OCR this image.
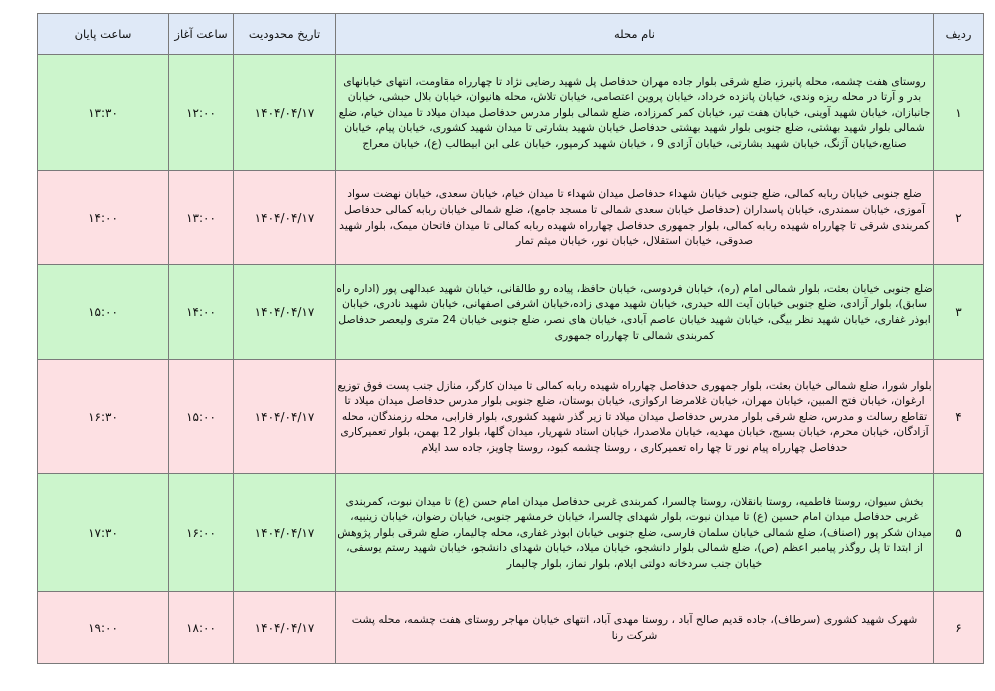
ردیف	نام محله	تاریخ محدودیت	ساعت آغاز	ساعت پایان
۱	روستای هفت چشمه، محله پانیرز، ضلع شرقی بلوار جاده مهران حدفاصل پل شهید رضایی نژاد تا چهارراه مقاومت، انتهای خیابانهای بدر و آرتا در محله ریزه وندی، خیابان پانزده خرداد، خیابان پروین اعتصامی، خیابان تلاش، محله هانیوان، خیابان بلال حبشی، خیابان جانبازان، خیابان شهید آوینی، خیابان هفت تیر، خیابان کمر کمرزاده، ضلع شمالی بلوار مدرس حدفاصل میدان میلاد تا میدان خیام، ضلع شمالی بلوار شهید بهشتی، ضلع جنوبی بلوار شهید بهشتی حدفاصل خیابان شهید بشارتی تا میدان شهید کشوری، خیابان پیام، خیابان صنایع،خیابان آژنگ، خیابان شهید بشارتی، خیابان آزادی 9 ، خیابان شهید کرمپور، خیابان علی ابن ابیطالب (ع)، خیابان معراج	۱۴۰۴/۰۴/۱۷	۱۲:۰۰	۱۳:۳۰
۲	ضلع جنوبی خیابان ربابه کمالی، ضلع جنوبی خیابان شهداء حدفاصل میدان شهداء تا میدان خیام، خیابان سعدی، خیابان نهضت سواد آموزی، خیابان سمندری، خیابان پاسداران (حدفاصل خیابان سعدی شمالی تا مسجد جامع)، ضلع شمالی خیابان ربابه کمالی حدفاصل کمربندی شرقی تا چهارراه شهیده ربابه کمالی، بلوار جمهوری حدفاصل چهارراه شهیده ربابه کمالی تا میدان فاتحان میمک، بلوار شهید صدوقی، خیابان استقلال، خیابان نور، خیابان میثم تمار	۱۴۰۴/۰۴/۱۷	۱۳:۰۰	۱۴:۰۰
۳	ضلع جنوبی خیابان بعثت، بلوار شمالی امام (ره)، خیابان فردوسی، خیابان حافظ، پیاده رو طالقانی، خیابان شهید عبدالهی پور (اداره راه سابق)، بلوار آزادی، ضلع جنوبی خیابان آیت الله حیدری، خیابان شهید مهدی زاده،خیابان اشرفی اصفهانی، خیابان شهید نادری، خیابان ابوذر غفاری، خیابان شهید نظر بیگی، خیابان شهید خیابان عاصم آبادی، خیابان های نصر، ضلع جنوبی خیابان 24 متری ولیعصر حدفاصل کمربندی شمالی تا چهارراه جمهوری	۱۴۰۴/۰۴/۱۷	۱۴:۰۰	۱۵:۰۰
۴	بلوار شورا، ضلع شمالی خیابان بعثت، بلوار جمهوری حدفاصل چهارراه شهیده ربابه کمالی تا میدان کارگر، منازل جنب پست فوق توزیع ارغوان، خیابان فتح المبین، خیابان مهران، خیابان غلامرضا ارکوازی، خیابان بوستان، ضلع جنوبی بلوار مدرس حدفاصل میدان میلاد تا تقاطع رسالت و مدرس، ضلع شرقی بلوار مدرس حدفاصل میدان میلاد تا زیر گذر شهید کشوری، بلوار فارابی، محله رزمندگان، محله آزادگان، خیابان محرم، خیابان بسیج، خیابان مهدیه، خیابان ملاصدرا، خیابان استاد شهریار، میدان گلها، بلوار 12 بهمن، بلوار تعمیرکاری حدفاصل چهارراه پیام نور تا چها راه تعمیرکاری ، روستا چشمه کبود، روستا چاویز، جاده سد ایلام	۱۴۰۴/۰۴/۱۷	۱۵:۰۰	۱۶:۳۰
۵	بخش سیوان، روستا فاطمیه، روستا بانقلان، روستا چالسرا، کمربندی غربی حدفاصل میدان امام حسن (ع) تا میدان نبوت، کمربندی غربی حدفاصل میدان امام حسین (ع) تا میدان نبوت، بلوار شهدای چالسرا، خیابان خرمشهر جنوبی، خیابان رضوان، خیابان زینبیه، میدان شکر پور (اصناف)، ضلع شمالی خیابان سلمان فارسی، ضلع جنوبی خیابان ابوذر غفاری، محله چالیمار، ضلع شرقی بلوار پژوهش از ابتدا تا پل روگذر پیامبر اعظم (ص)، ضلع شمالی بلوار دانشجو، خیابان میلاد، خیابان شهدای دانشجو، خیابان شهید رستم یوسفی، خیابان جنب سردخانه دولتی ایلام، بلوار نماز، بلوار چالیمار	۱۴۰۴/۰۴/۱۷	۱۶:۰۰	۱۷:۳۰
۶	شهرک شهید کشوری (سرطاف)، جاده قدیم صالح آباد ، روستا مهدی آباد، انتهای خیابان مهاجر روستای هفت چشمه، محله پشت شرکت رنا	۱۴۰۴/۰۴/۱۷	۱۸:۰۰	۱۹:۰۰
